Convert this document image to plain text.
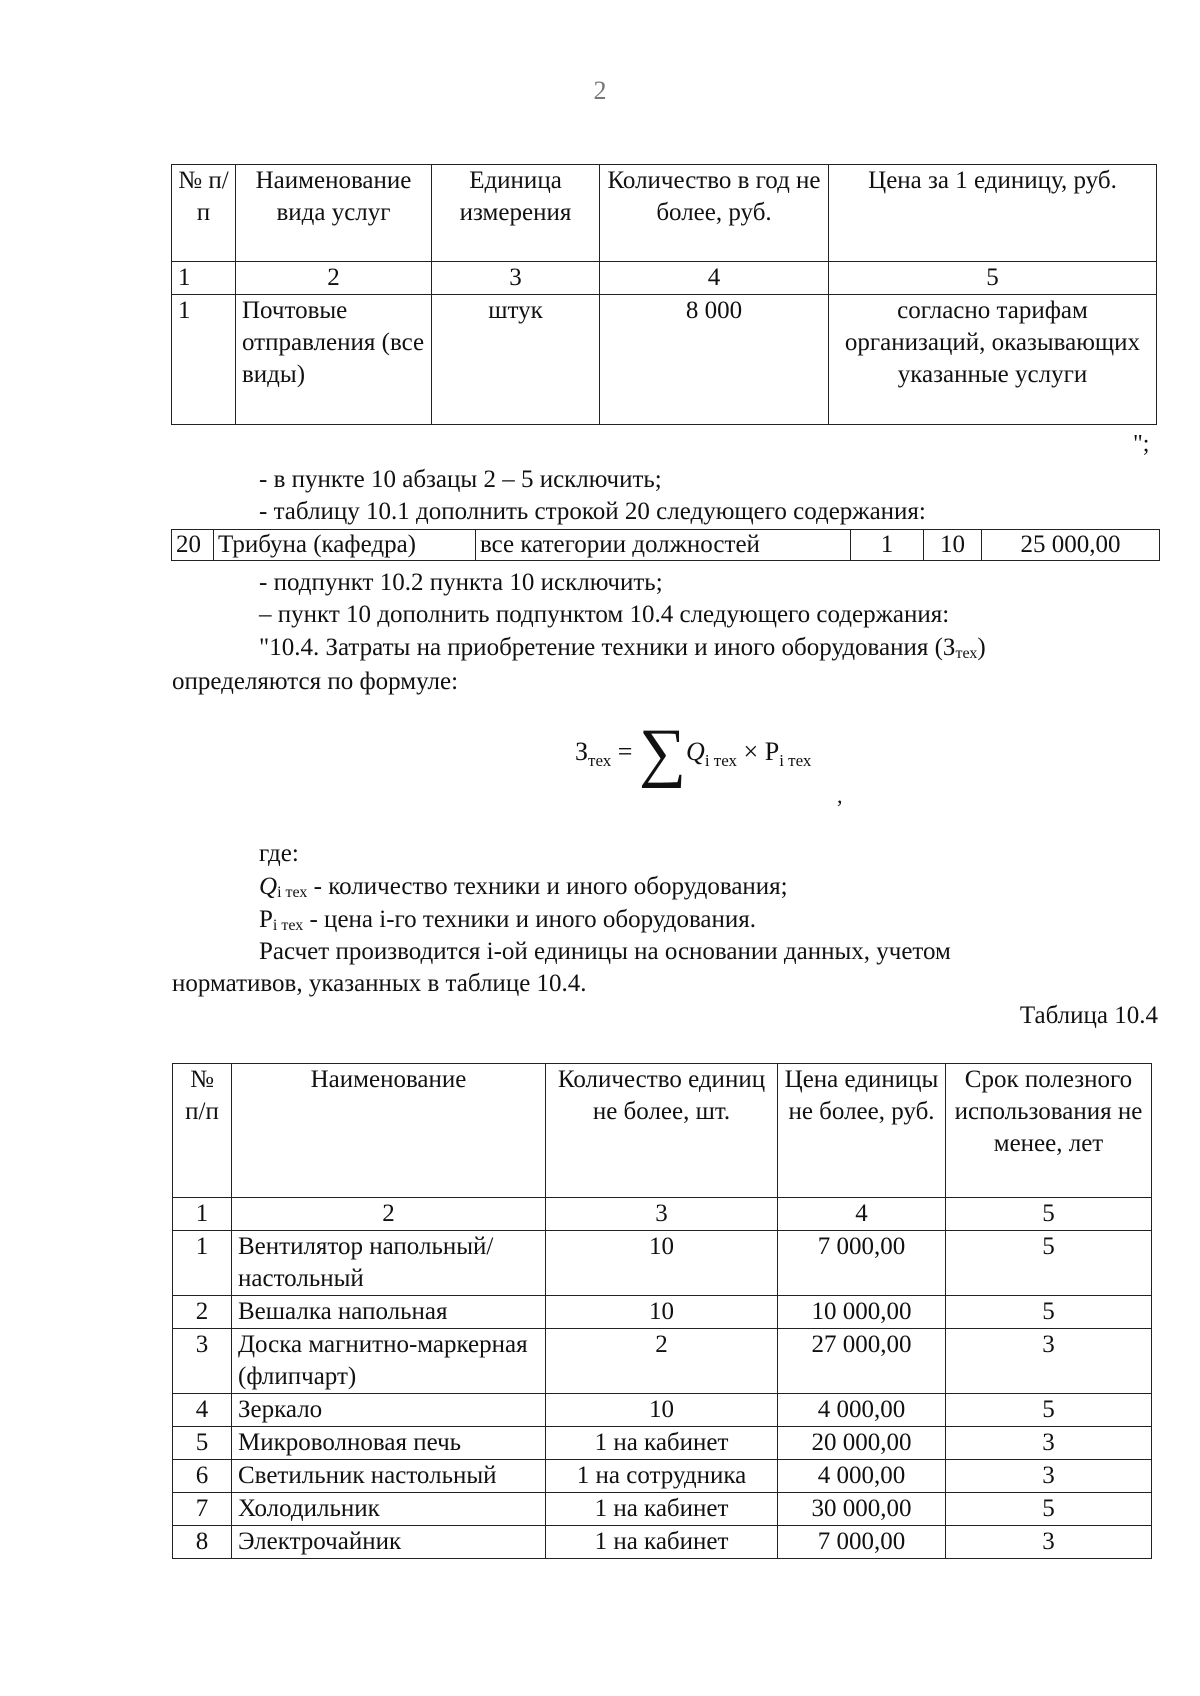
2
№ п/п	Наименование вида услуг	Единица измерения	Количество в год не более, руб.	Цена за 1 единицу, руб.
1	2	3	4	5
1	Почтовые отправления (все виды)	штук	8 000	согласно тарифам организаций, оказывающих указанные услуги
";
- в пункте 10 абзацы 2 – 5 исключить;
- таблицу 10.1 дополнить строкой 20 следующего содержания:
20	Трибуна (кафедра)	все категории должностей	1	10	25 000,00
- подпункт 10.2 пункта 10 исключить;
– пункт 10 дополнить подпунктом 10.4 следующего содержания:
"10.4. Затраты на приобретение техники и иного оборудования (Зтех)
определяются по формуле:
$З_{тех} = \sum Q_{i тех} \times P_{i тех}$
,
где:
Qi тех - количество техники и иного оборудования;
Pi тех - цена i-го техники и иного оборудования.
Расчет производится i-ой единицы на основании данных, учетом
нормативов, указанных в таблице 10.4.
Таблица 10.4
№ п/п	Наименование	Количество единиц не более, шт.	Цена единицы не более, руб.	Срок полезного использования не менее, лет
1	2	3	4	5
1	Вентилятор напольный/ настольный	10	7 000,00	5
2	Вешалка напольная	10	10 000,00	5
3	Доска магнитно-маркерная (флипчарт)	2	27 000,00	3
4	Зеркало	10	4 000,00	5
5	Микроволновая печь	1 на кабинет	20 000,00	3
6	Светильник настольный	1 на сотрудника	4 000,00	3
7	Холодильник	1 на кабинет	30 000,00	5
8	Электрочайник	1 на кабинет	7 000,00	3
